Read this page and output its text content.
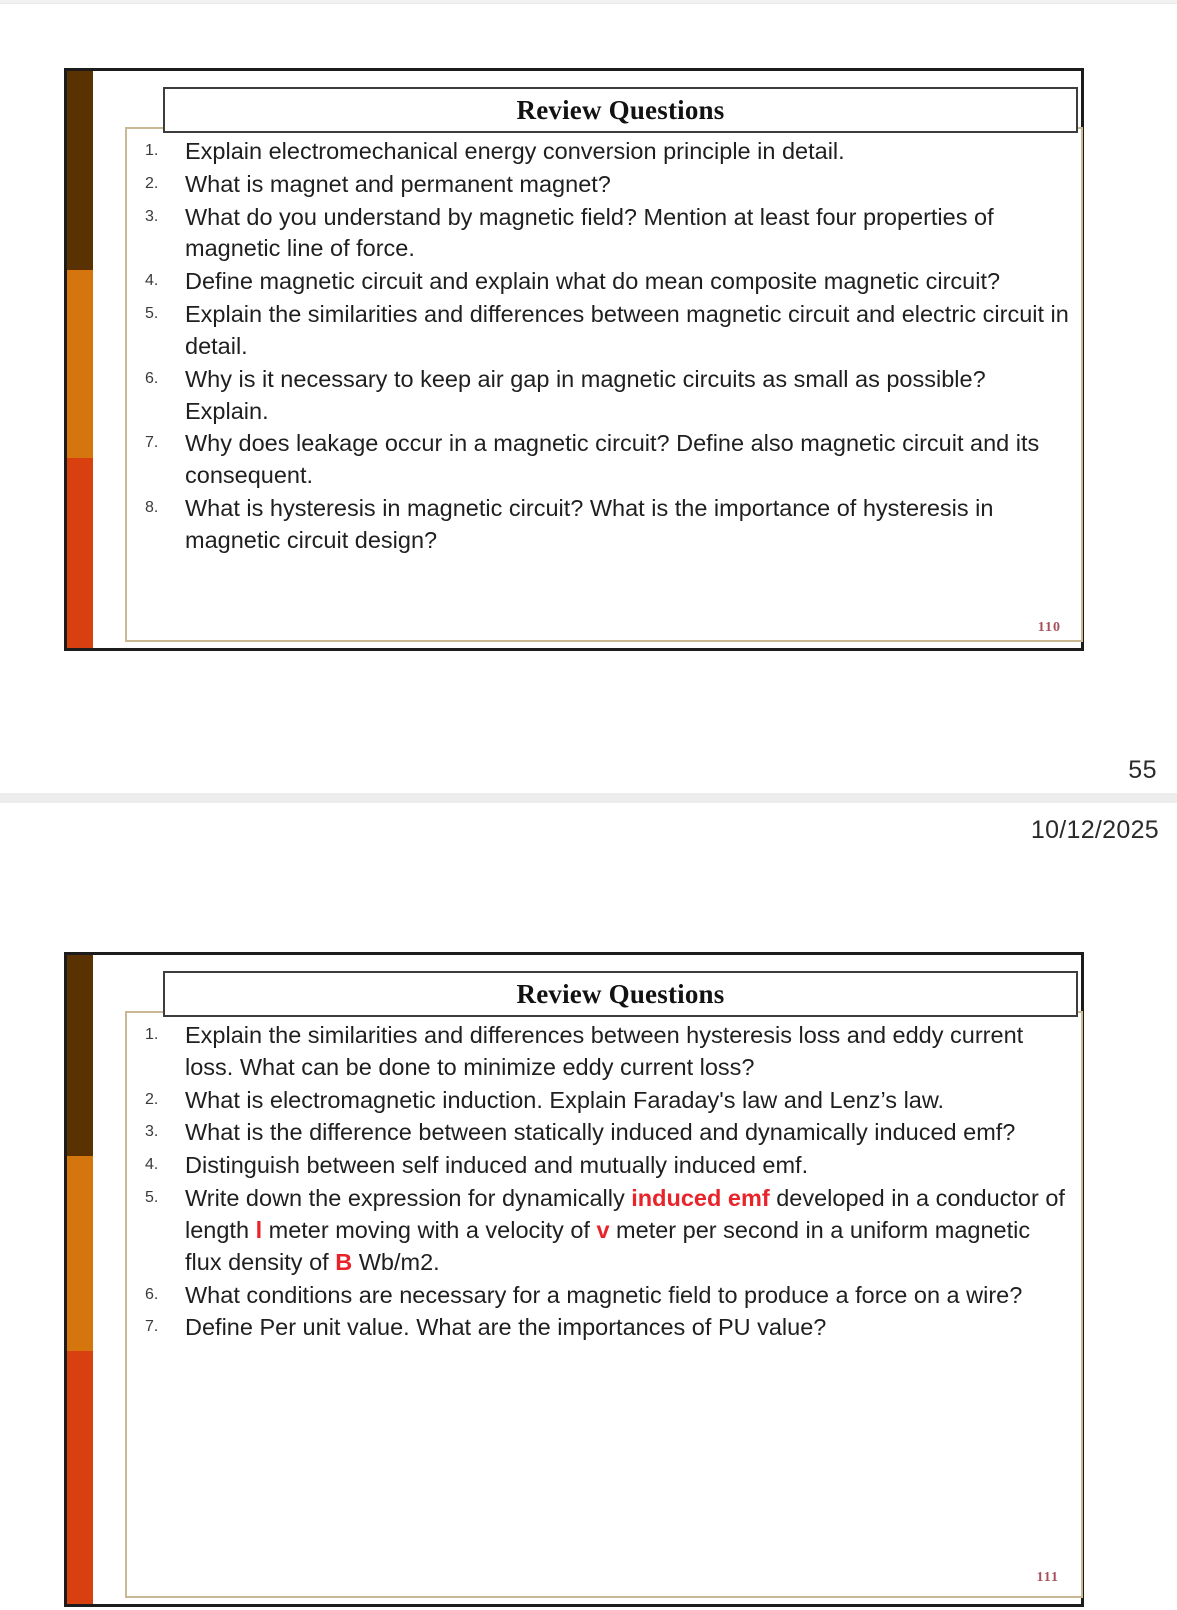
Explain electromechanical energy conversion principle in detail.
What is magnet and permanent magnet?
What do you understand by magnetic field? Mention at least four properties of magnetic line of force.
Define magnetic circuit and explain what do mean composite magnetic circuit?
Explain the similarities and differences between magnetic circuit and electric circuit in detail.
Why is it necessary to keep air gap in magnetic circuits as small as possible? Explain.
Why does leakage occur in a magnetic circuit? Define also magnetic circuit and its consequent.
What is hysteresis in magnetic circuit? What is the importance of hysteresis in magnetic circuit design?
110
Review Questions
55
10/12/2025
Explain the similarities and differences between hysteresis loss and eddy current loss. What can be done to minimize eddy current loss?
What is electromagnetic induction. Explain Faraday's law and Lenz’s law.
What is the difference between statically induced and dynamically induced emf?
Distinguish between self induced and mutually induced emf.
Write down the expression for dynamically induced emf developed in a conductor of length l meter moving with a velocity of v meter per second in a uniform magnetic flux density of B Wb/m2.
What conditions are necessary for a magnetic field to produce a force on a wire?
Define Per unit value. What are the importances of PU value?
111
Review Questions
